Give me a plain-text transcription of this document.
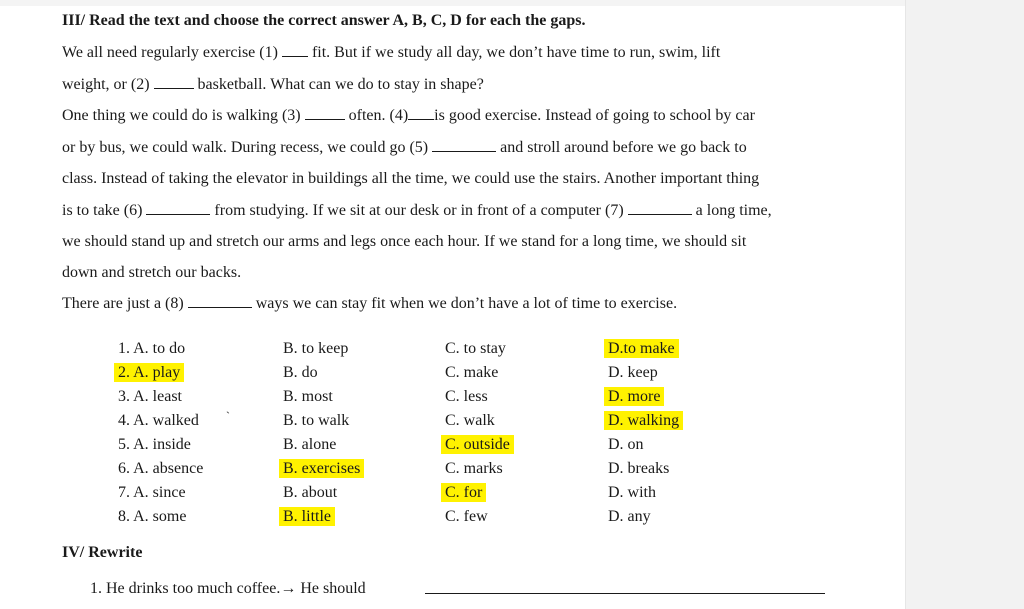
III/ Read the text and choose the correct answer A, B, C, D for each the gaps.
We all need regularly exercise (1)  fit. But if we study all day, we don’t have time to run, swim, lift
weight, or (2)	basketball. What can we do to stay in shape?
One thing we could do is walking (3)	often. (4) is good exercise. Instead of going to school by car
or by bus, we could walk. During recess, we could go (5)	and stroll around before we go back to
class. Instead of taking the elevator in buildings all the time, we could use the stairs. Another important thing
is to take (6)	from studying. If we sit at our desk or in front of a computer (7)	a long time,
we should stand up and stretch our arms and legs once each hour. If we stand for a long time, we should sit
down and stretch our backs.
There are just a (8)	ways we can stay fit when we don’t have a lot of time to exercise.
1. A. to do	B. to keep	C. to stay	D.to make
2. A. play	B. do	C. make	D. keep
3. A. least	B. most	C. less	D. more
4. A. walked	B. to walk	C. walk	D. walking
5. A. inside	B. alone	C. outside	D. on
6. A. absence	B. exercises	C. marks	D. breaks
7. A. since	B. about	C. for	D. with
8. A. some	B. little	C. few	D. any
`
IV/ Rewrite
1. He drinks too much coffee.→ He should
